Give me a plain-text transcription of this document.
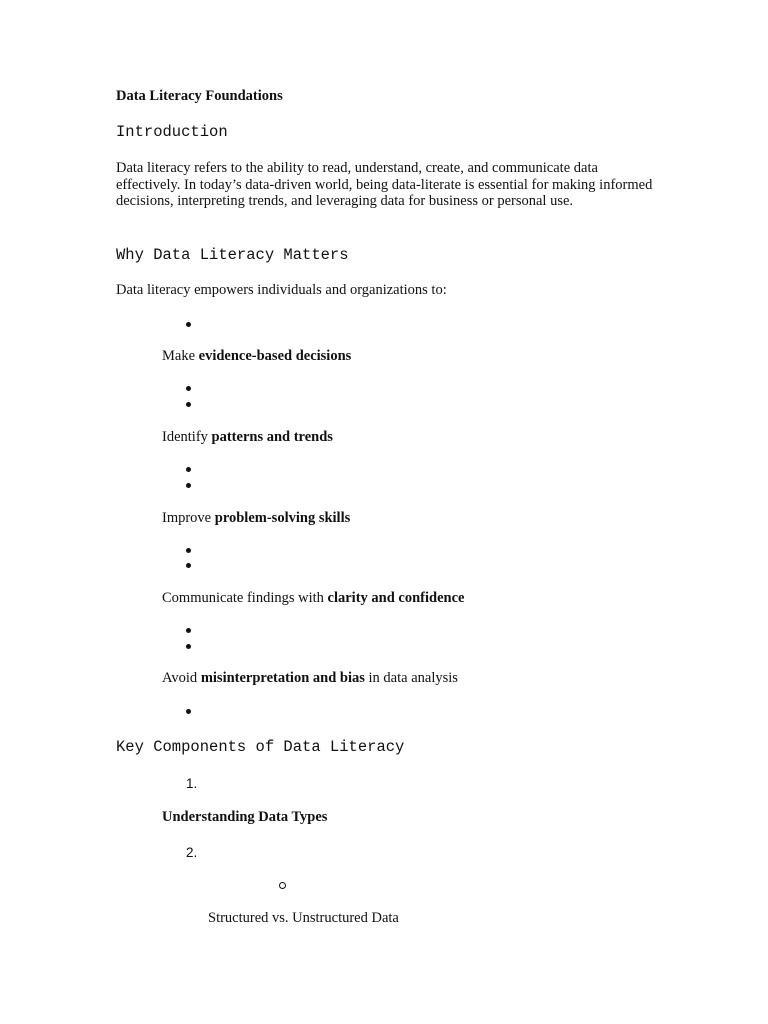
Data Literacy Foundations
Introduction
Data literacy refers to the ability to read, understand, create, and communicate data effectively. In today’s data-driven world, being data-literate is essential for making informed decisions, interpreting trends, and leveraging data for business or personal use.
Why Data Literacy Matters
Data literacy empowers individuals and organizations to:
Make evidence-based decisions
Identify patterns and trends
Improve problem-solving skills
Communicate findings with clarity and confidence
Avoid misinterpretation and bias in data analysis
Key Components of Data Literacy
1.
Understanding Data Types
2.
Structured vs. Unstructured Data
